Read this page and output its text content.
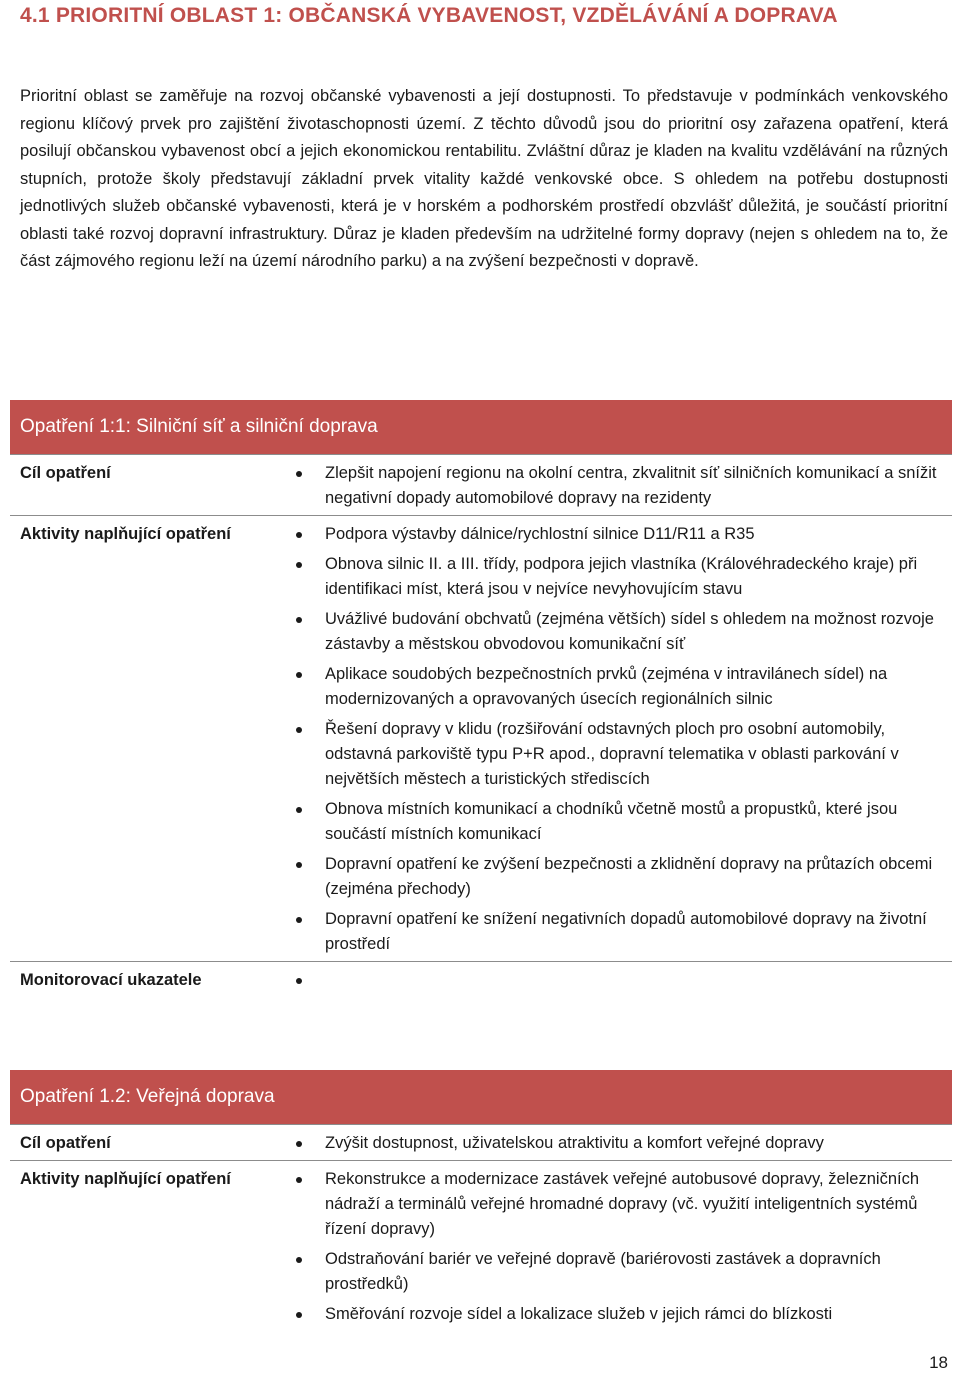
4.1 PRIORITNÍ OBLAST 1: OBČANSKÁ VYBAVENOST, VZDĚLÁVÁNÍ A DOPRAVA

Prioritní oblast se zaměřuje na rozvoj občanské vybavenosti a její dostupnosti. To představuje v podmínkách venkovského regionu klíčový prvek pro zajištění životaschopnosti území. Z těchto důvodů jsou do prioritní osy zařazena opatření, která posilují občanskou vybavenost obcí a jejich ekonomickou rentabilitu. Zvláštní důraz je kladen na kvalitu vzdělávání na různých stupních, protože školy představují základní prvek vitality každé venkovské obce. S ohledem na potřebu dostupnosti jednotlivých služeb občanské vybavenosti, která je v horském a podhorském prostředí obzvlášť důležitá, je součástí prioritní oblasti také rozvoj dopravní infrastruktury. Důraz je kladen především na udržitelné formy dopravy (nejen s ohledem na to, že část zájmového regionu leží na území národního parku) a na zvýšení bezpečnosti v dopravě.

Opatření 1:1: Silniční síť a silniční doprava
Cíl opatření	Zlepšit napojení regionu na okolní centra, zkvalitnit síť silničních komunikací a snížit negativní dopady automobilové dopravy na rezidenty
Aktivity naplňující opatření	Podpora výstavby dálnice/rychlostní silnice D11/R11 a R35
Obnova silnic II. a III. třídy, podpora jejich vlastníka (Královéhradeckého kraje) při identifikaci míst, která jsou v nejvíce nevyhovujícím stavu
Uvážlivé budování obchvatů (zejména větších) sídel s ohledem na možnost rozvoje zástavby a městskou obvodovou komunikační síť
Aplikace soudobých bezpečnostních prvků (zejména v intravilánech sídel) na modernizovaných a opravovaných úsecích regionálních silnic
Řešení dopravy v klidu (rozšiřování odstavných ploch pro osobní automobily, odstavná parkoviště typu P+R apod., dopravní telematika v oblasti parkování v největších městech a turistických střediscích
Obnova místních komunikací a chodníků včetně mostů a propustků, které jsou součástí místních komunikací
Dopravní opatření ke zvýšení bezpečnosti a zklidnění dopravy na průtazích obcemi (zejména přechody)
Dopravní opatření ke snížení negativních dopadů automobilové dopravy na životní prostředí
Monitorovací ukazatele
Opatření 1.2: Veřejná doprava
Cíl opatření	Zvýšit dostupnost, uživatelskou atraktivitu a komfort veřejné dopravy
Aktivity naplňující opatření	Rekonstrukce a modernizace zastávek veřejné autobusové dopravy, železničních nádraží a terminálů veřejné hromadné dopravy (vč. využití inteligentních systémů řízení dopravy)
Odstraňování bariér ve veřejné dopravě (bariérovosti zastávek a dopravních prostředků)
Směřování rozvoje sídel a lokalizace služeb v jejich rámci do blízkosti
18
